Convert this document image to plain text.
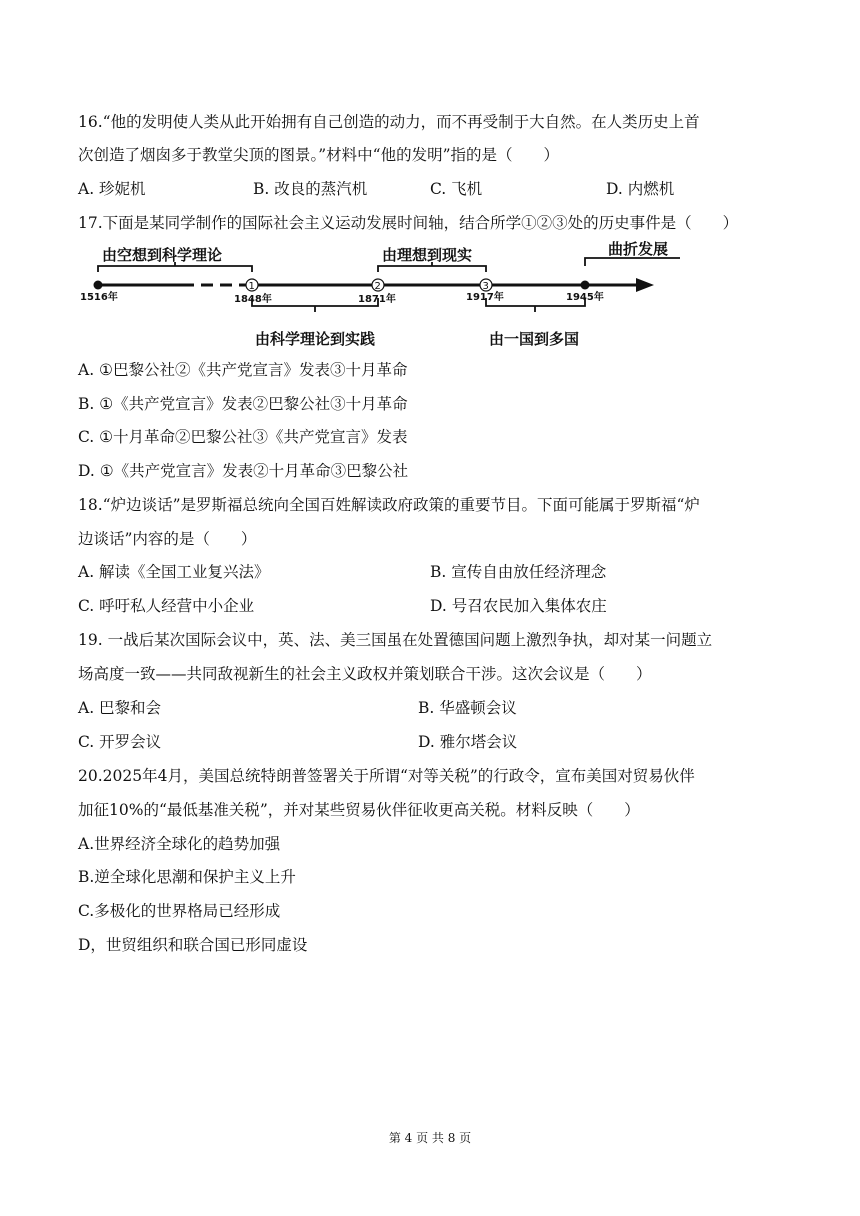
16.“他的发明使人类从此开始拥有自己创造的动力，而不再受制于大自然。在人类历史上首
次创造了烟囱多于教堂尖顶的图景。”材料中“他的发明”指的是（　　）
A. 珍妮机	B. 改良的蒸汽机	C. 飞机	D. 内燃机
17.下面是某同学制作的国际社会主义运动发展时间轴，结合所学①②③处的历史事件是（　　）
由空想到科学理论	由理想到现实	曲折发展
由科学理论到实践	由一国到多国
1	2	3
1516年	1848年	1871年	1917年	1945年
A. ①巴黎公社②《共产党宣言》发表③十月革命
B. ①《共产党宣言》发表②巴黎公社③十月革命
C. ①十月革命②巴黎公社③《共产党宣言》发表
D. ①《共产党宣言》发表②十月革命③巴黎公社
18.“炉边谈话”是罗斯福总统向全国百姓解读政府政策的重要节目。下面可能属于罗斯福“炉
边谈话”内容的是（　　）
A. 解读《全国工业复兴法》	B. 宣传自由放任经济理念
C. 呼吁私人经营中小企业	D. 号召农民加入集体农庄
19. 一战后某次国际会议中，英、法、美三国虽在处置德国问题上激烈争执，却对某一问题立
场高度一致——共同敌视新生的社会主义政权并策划联合干涉。这次会议是（　　）
A. 巴黎和会	B. 华盛顿会议
C. 开罗会议	D. 雅尔塔会议
20.2025年4月，美国总统特朗普签署关于所谓“对等关税”的行政令，宣布美国对贸易伙伴
加征10%的“最低基准关税”，并对某些贸易伙伴征收更高关税。材料反映（　　）
A.世界经济全球化的趋势加强
B.逆全球化思潮和保护主义上升
C.多极化的世界格局已经形成
D，世贸组织和联合国已形同虚设
第 4 页 共 8 页
